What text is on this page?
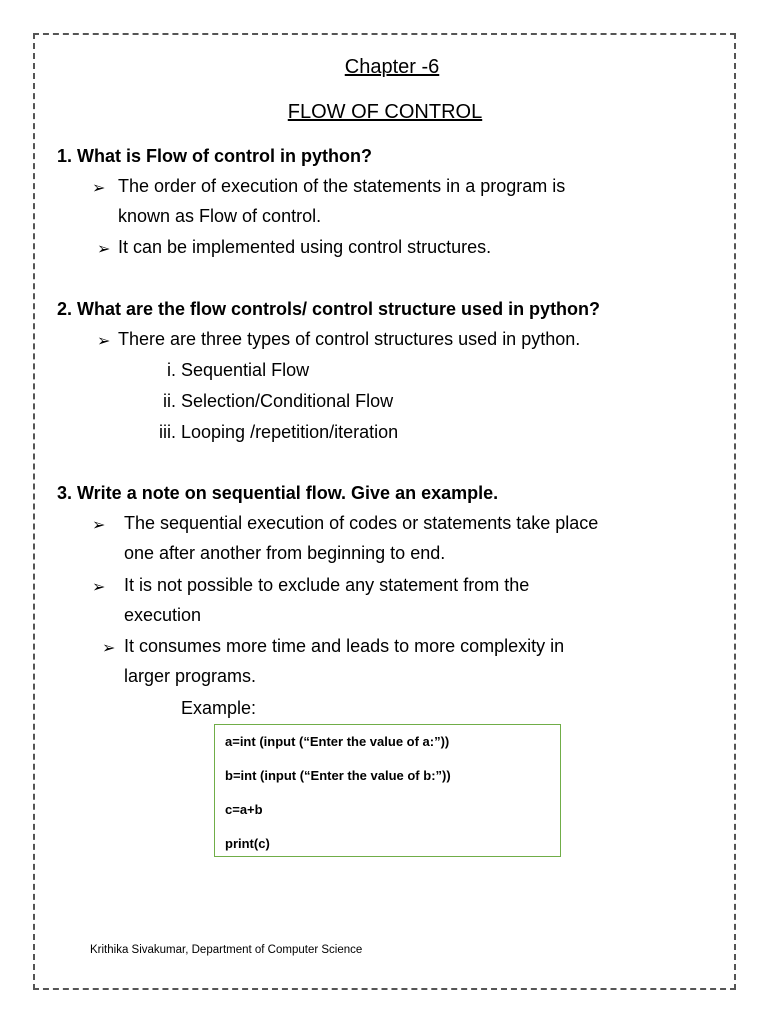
Chapter -6
FLOW OF CONTROL
1. What is Flow of control in python?
➢ The order of execution of the statements in a program is
known as Flow of control.
➢ It can be implemented using control structures.
2. What are the flow controls/ control structure used in python?
➢ There are three types of control structures used in python.
i. Sequential Flow
ii. Selection/Conditional Flow
iii. Looping /repetition/iteration
3. Write a note on sequential flow. Give an example.
➢ The sequential execution of codes or statements take place
one after another from beginning to end.
➢ It is not possible to exclude any statement from the
execution
➢ It consumes more time and leads to more complexity in
larger programs.
Example:
a=int (input (“Enter the value of a:”))
b=int (input (“Enter the value of b:”))
c=a+b
print(c)
Krithika Sivakumar, Department of Computer Science
